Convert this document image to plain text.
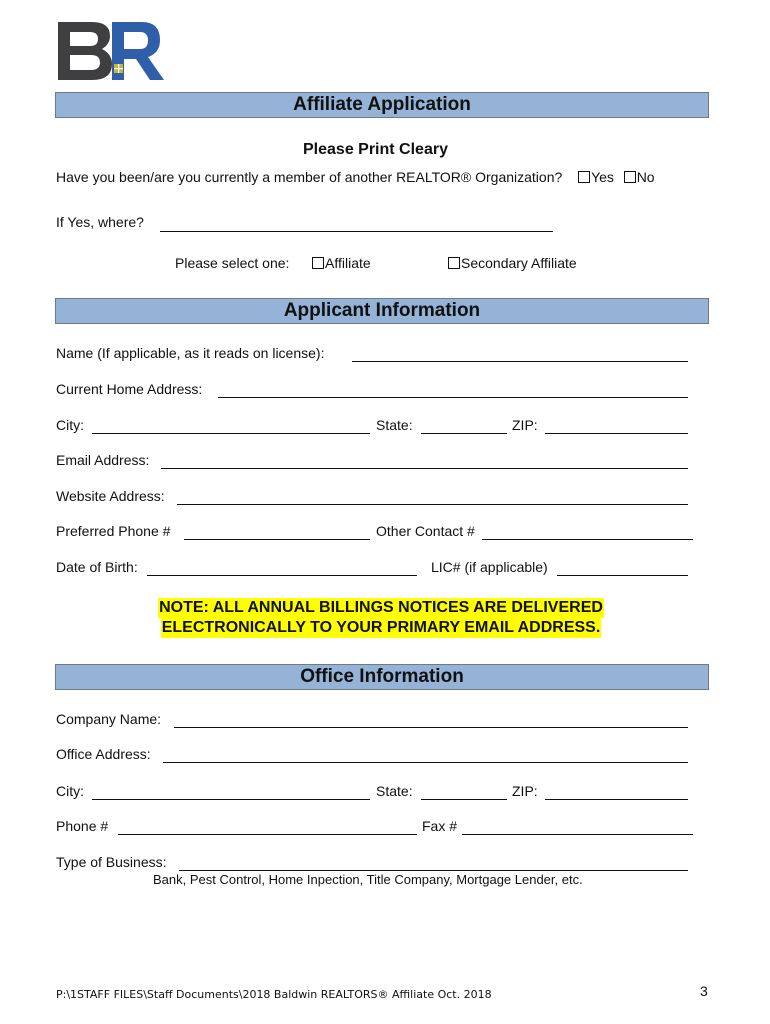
Affiliate Application
Please Print Cleary
Have you been/are you currently a member of another REALTOR® Organization? Yes No
If Yes, where?
Please select one:	Affiliate	Secondary Affiliate
Applicant Information
Name (If applicable, as it reads on license):
Current Home Address:
City:	State:	ZIP:
Email Address:
Website Address:
Preferred Phone #	Other Contact #
Date of Birth:	LIC# (if applicable)
NOTE: ALL ANNUAL BILLINGS NOTICES ARE DELIVERED
ELECTRONICALLY TO YOUR PRIMARY EMAIL ADDRESS.
Office Information
Company Name:
Office Address:
City:	State:	ZIP:
Phone #	Fax #
Type of Business:
Bank, Pest Control, Home Inpection, Title Company, Mortgage Lender, etc.
P:\1STAFF FILES\Staff Documents\2018 Baldwin REALTORS® Affiliate Oct. 2018	3
